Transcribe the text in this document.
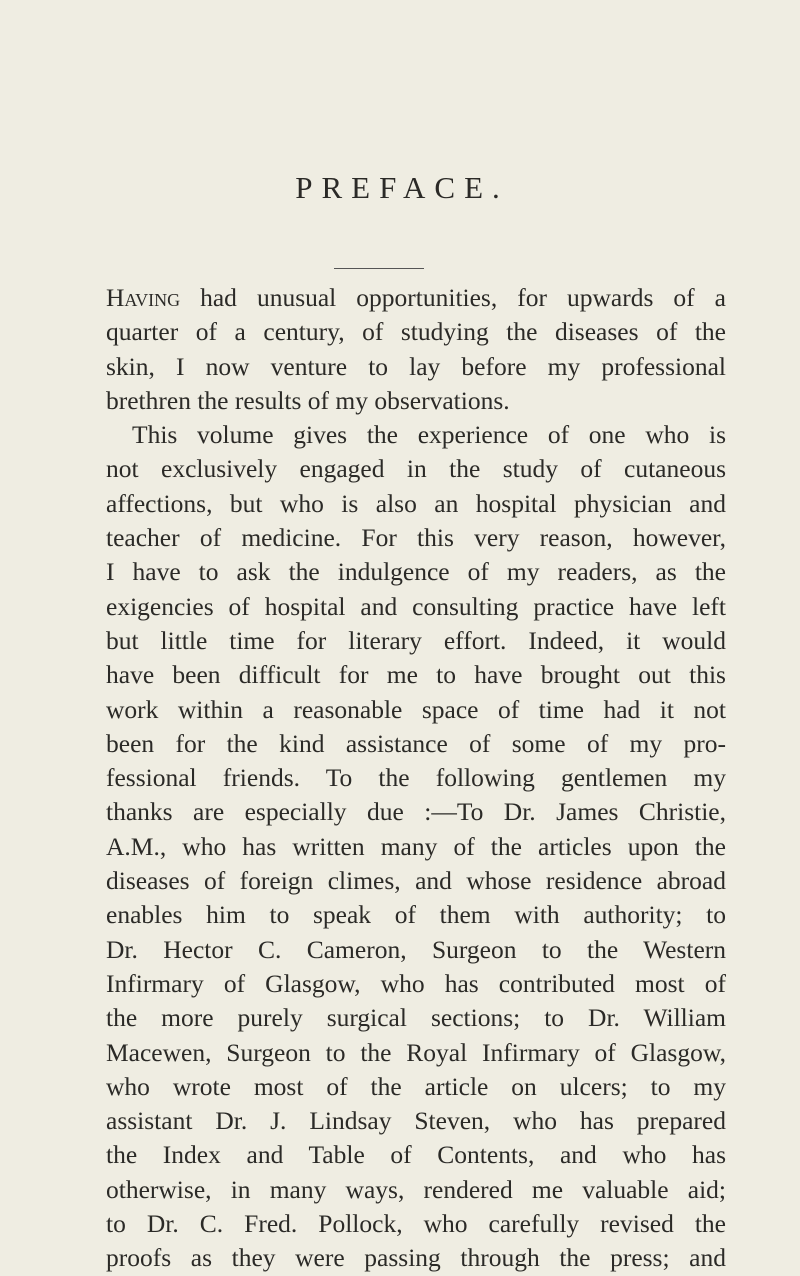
PREFACE.
Having had unusual opportunities, for upwards of a
quarter of a century, of studying the diseases of the
skin, I now venture to lay before my professional
brethren the results of my observations.
This volume gives the experience of one who is
not exclusively engaged in the study of cutaneous
affections, but who is also an hospital physician and
teacher of medicine. For this very reason, however,
I have to ask the indulgence of my readers, as the
exigencies of hospital and consulting practice have left
but little time for literary effort. Indeed, it would
have been difficult for me to have brought out this
work within a reasonable space of time had it not
been for the kind assistance of some of my pro-
fessional friends. To the following gentlemen my
thanks are especially due :—To Dr. James Christie,
A.M., who has written many of the articles upon the
diseases of foreign climes, and whose residence abroad
enables him to speak of them with authority; to
Dr. Hector C. Cameron, Surgeon to the Western
Infirmary of Glasgow, who has contributed most of
the more purely surgical sections; to Dr. William
Macewen, Surgeon to the Royal Infirmary of Glasgow,
who wrote most of the article on ulcers; to my
assistant Dr. J. Lindsay Steven, who has prepared
the Index and Table of Contents, and who has
otherwise, in many ways, rendered me valuable aid;
to Dr. C. Fred. Pollock, who carefully revised the
proofs as they were passing through the press; and
